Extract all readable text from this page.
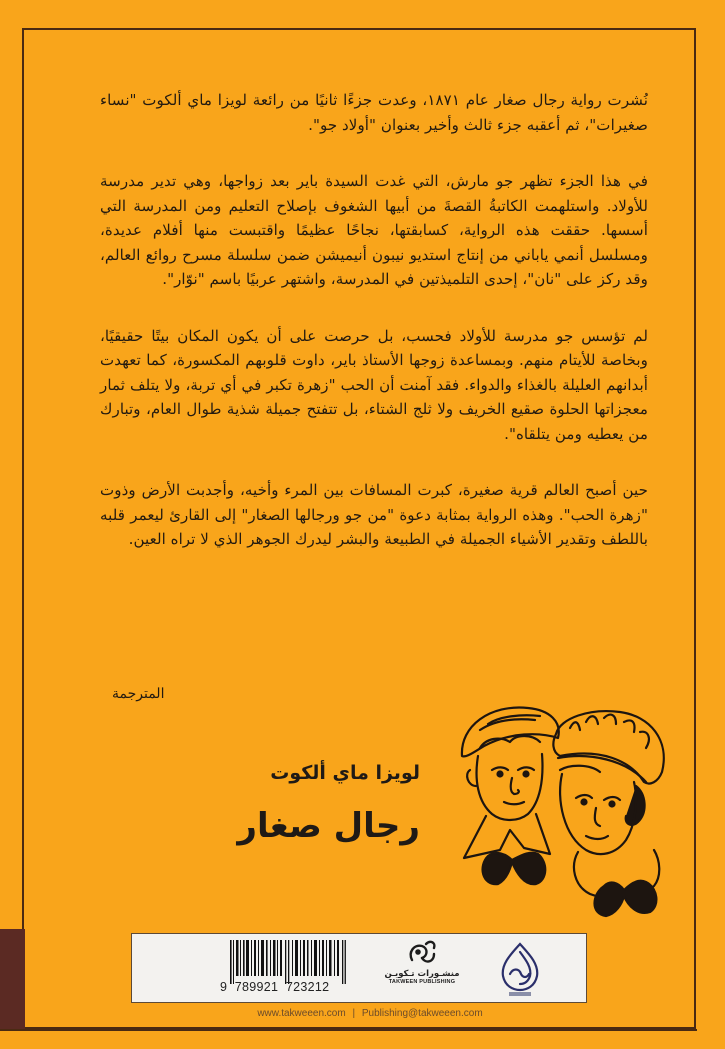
نُشرت رواية رجال صغار عام ١٨٧١، وعدت جزءًا ثانيًا من رائعة لويزا ماي ألكوت "نساء صغيرات"، ثم أعقبه جزء ثالث وأخير بعنوان "أولاد جو".

في هذا الجزء تظهر جو مارش، التي غدت السيدة باير بعد زواجها، وهي تدير مدرسة للأولاد. واستلهمت الكاتبةُ القصةَ من أبيها الشغوف بإصلاح التعليم ومن المدرسة التي أسسها. حققت هذه الرواية، كسابقتها، نجاحًا عظيمًا واقتبست منها أفلام عديدة، ومسلسل أنمي ياباني من إنتاج استديو نيبون أنيميشن ضمن سلسلة مسرح روائع العالم، وقد ركز على "نان"، إحدى التلميذتين في المدرسة، واشتهر عربيًا باسم "نوّار".

لم تؤسس جو مدرسة للأولاد فحسب، بل حرصت على أن يكون المكان بيتًا حقيقيًا، وبخاصة للأيتام منهم. وبمساعدة زوجها الأستاذ باير، داوت قلوبهم المكسورة، كما تعهدت أبدانهم العليلة بالغذاء والدواء. فقد آمنت أن الحب "زهرة تكبر في أي تربة، ولا يتلف ثمار معجزاتها الحلوة صقيع الخريف ولا ثلج الشتاء، بل تتفتح جميلة شذية طوال العام، وتبارك من يعطيه ومن يتلقاه".

حين أصبح العالم قرية صغيرة، كبرت المسافات بين المرء وأخيه، وأجدبت الأرض وذوت "زهرة الحب". وهذه الرواية بمثابة دعوة "من جو ورجالها الصغار" إلى القارئ ليعمر قلبه باللطف وتقدير الأشياء الجميلة في الطبيعة والبشر ليدرك الجوهر الذي لا تراه العين.

المترجمة
لويزا ماي ألكوت
رجال صغار
9  789921  723212
منشـورات تـكويـن
TAKWEEN PUBLISHING
www.takweeen.com | Publishing@takweeen.com
